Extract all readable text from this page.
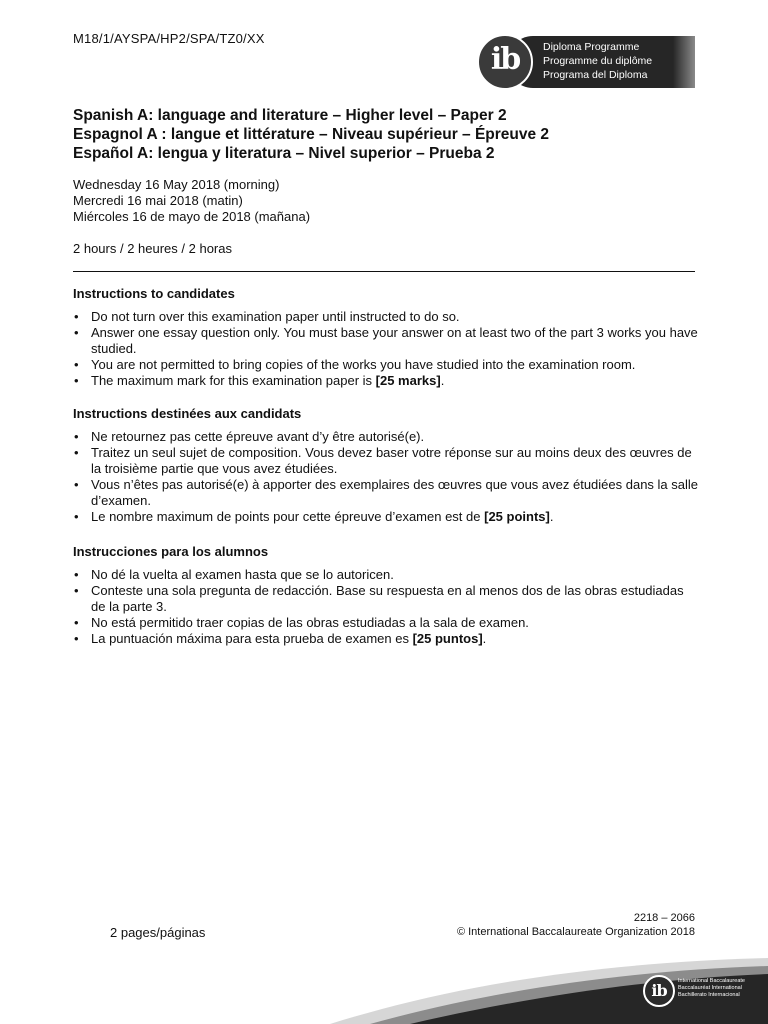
M18/1/AYSPA/HP2/SPA/TZ0/XX
ib	Diploma Programme
Programme du diplôme
Programa del Diploma
Spanish A: language and literature – Higher level – Paper 2
Espagnol A : langue et littérature – Niveau supérieur – Épreuve 2
Español A: lengua y literatura – Nivel superior – Prueba 2
Wednesday 16 May 2018 (morning)
Mercredi 16 mai 2018 (matin)
Miércoles 16 de mayo de 2018 (mañana)
2 hours / 2 heures / 2 horas
Instructions to candidates
• Do not turn over this examination paper until instructed to do so.
• Answer one essay question only. You must base your answer on at least two of the part 3 works you have studied.
• You are not permitted to bring copies of the works you have studied into the examination room.
• The maximum mark for this examination paper is [25 marks].
Instructions destinées aux candidats
• Ne retournez pas cette épreuve avant d’y être autorisé(e).
• Traitez un seul sujet de composition. Vous devez baser votre réponse sur au moins deux des œuvres de la troisième partie que vous avez étudiées.
• Vous n’êtes pas autorisé(e) à apporter des exemplaires des œuvres que vous avez étudiées dans la salle d’examen.
• Le nombre maximum de points pour cette épreuve d’examen est de [25 points].
Instrucciones para los alumnos
• No dé la vuelta al examen hasta que se lo autoricen.
• Conteste una sola pregunta de redacción. Base su respuesta en al menos dos de las obras estudiadas de la parte 3.
• No está permitido traer copias de las obras estudiadas a la sala de examen.
• La puntuación máxima para esta prueba de examen es [25 puntos].
2218 – 2066
© International Baccalaureate Organization 2018
2 pages/páginas
ib	International Baccalaureate
Baccalauréat International
Bachillerato Internacional
